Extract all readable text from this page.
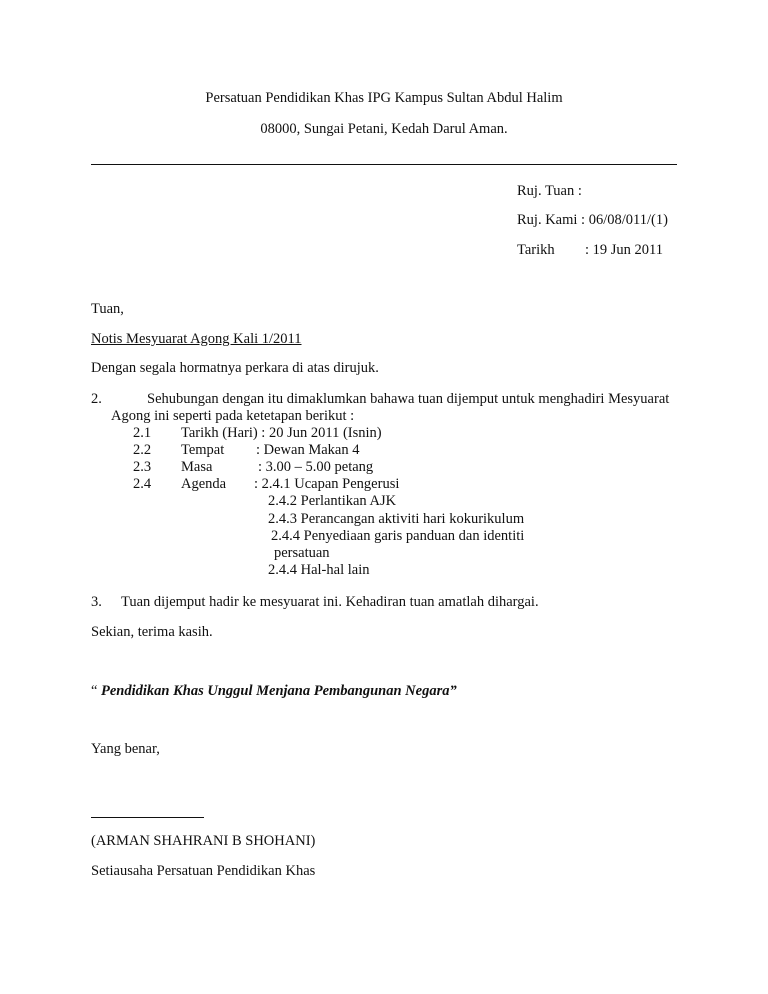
Persatuan Pendidikan Khas IPG Kampus Sultan Abdul Halim
08000, Sungai Petani, Kedah Darul Aman.
Ruj. Tuan :
Ruj. Kami : 06/08/011/(1)
Tarikh : 19 Jun 2011
Tuan,
Notis Mesyuarat Agong Kali 1/2011
Dengan segala hormatnya perkara di atas dirujuk.
2.	Sehubungan dengan itu dimaklumkan bahawa tuan dijemput untuk menghadiri Mesyuarat
Agong ini seperti pada ketetapan berikut :
2.1 Tarikh (Hari) : 20 Jun 2011 (Isnin)
2.2 Tempat : Dewan Makan 4
2.3 Masa	: 3.00 – 5.00 petang
2.4 Agenda : 2.4.1 Ucapan Pengerusi
2.4.2 Perlantikan AJK
2.4.3 Perancangan aktiviti hari kokurikulum
2.4.4 Penyediaan garis panduan dan identiti
persatuan
2.4.4 Hal-hal lain
3. Tuan dijemput hadir ke mesyuarat ini. Kehadiran tuan amatlah dihargai.
Sekian, terima kasih.
“ Pendidikan Khas Unggul Menjana Pembangunan Negara”
Yang benar,
(ARMAN SHAHRANI B SHOHANI)
Setiausaha Persatuan Pendidikan Khas
